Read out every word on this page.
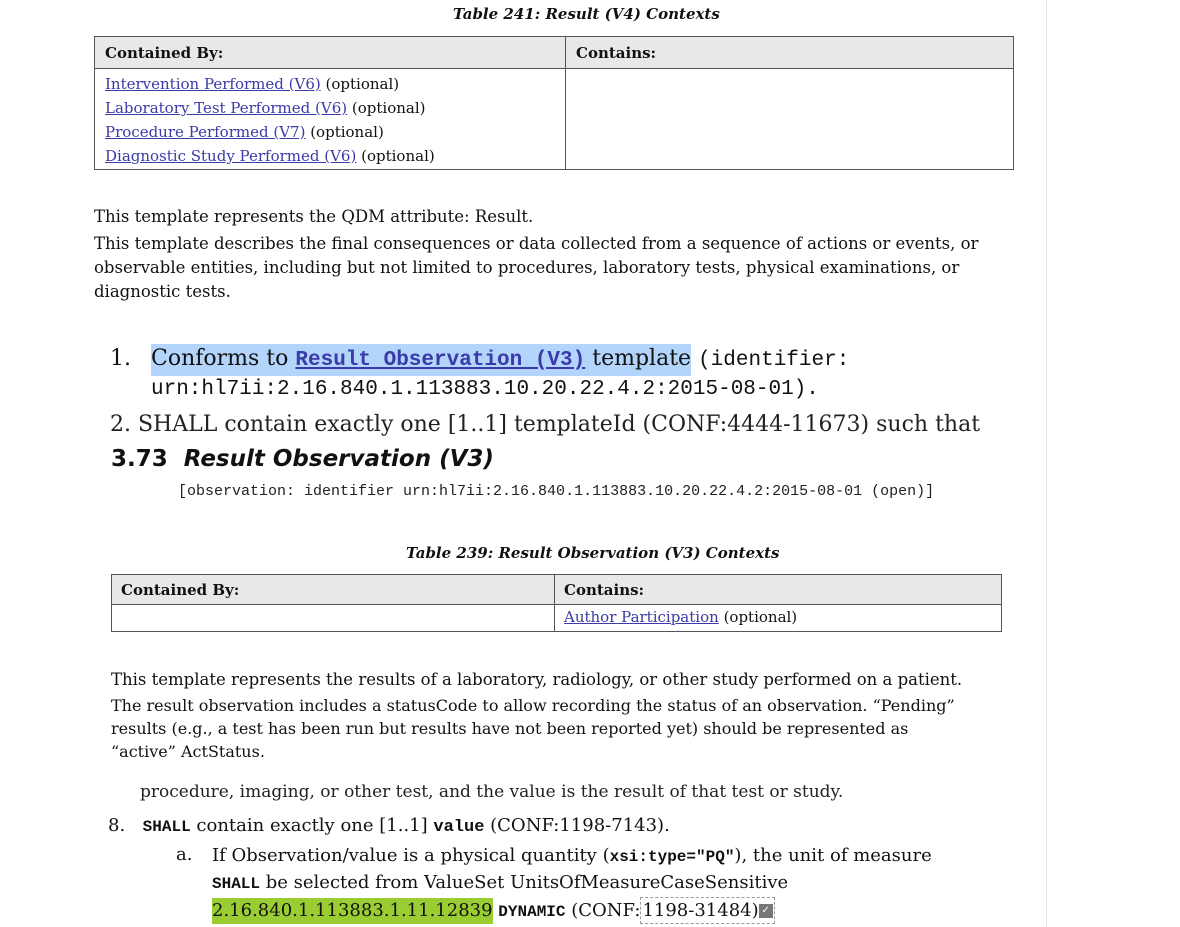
Table 241: Result (V4) Contexts
Contained By:	Contains:

Intervention Performed (V6) (optional)
Laboratory Test Performed (V6) (optional)
Procedure Performed (V7) (optional)
Diagnostic Study Performed (V6) (optional)	

This template represents the QDM attribute: Result.
This template describes the final consequences or data collected from a sequence of actions or events, or observable entities, including but not limited to procedures, laboratory tests, physical examinations, or diagnostic tests.
1. Conforms to Result Observation (V3) template (identifier:
urn:hl7ii:2.16.840.1.113883.10.20.22.4.2:2015-08-01).
2. SHALL contain exactly one [1..1] templateId (CONF:4444-11673) such that
3.73 Result Observation (V3)
[observation: identifier urn:hl7ii:2.16.840.1.113883.10.20.22.4.2:2015-08-01 (open)]
Table 239: Result Observation (V3) Contexts
Contained By:	Contains:
	Author Participation (optional)
This template represents the results of a laboratory, radiology, or other study performed on a patient.
The result observation includes a statusCode to allow recording the status of an observation. “Pending” results (e.g., a test has been run but results have not been reported yet) should be represented as “active” ActStatus.
procedure, imaging, or other test, and the value is the result of that test or study.
8. SHALL contain exactly one [1..1] value (CONF:1198-7143).
a. If Observation/value is a physical quantity (xsi:type="PQ"), the unit of measure
SHALL be selected from ValueSet UnitsOfMeasureCaseSensitive
2.16.840.1.113883.1.11.12839 DYNAMIC (CONF: 1198-31484) ✓
